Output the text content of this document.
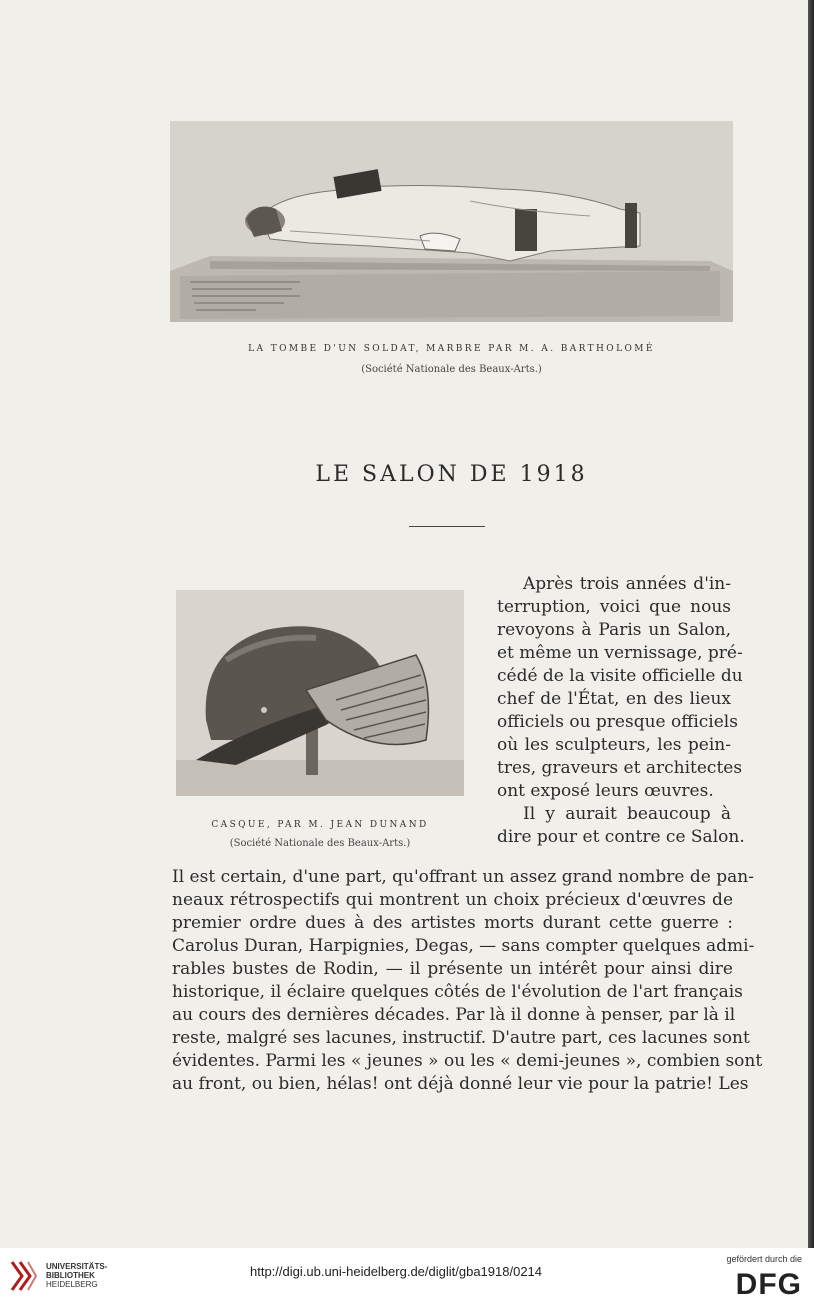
LA TOMBE D'UN SOLDAT, MARBRE PAR M. A. BARTHOLOMÉ
(Société Nationale des Beaux-Arts.)
LE SALON DE 1918
CASQUE, PAR M. JEAN DUNAND
(Société Nationale des Beaux-Arts.)
Après trois années d'in-
terruption, voici que nous
revoyons à Paris un Salon,
et même un vernissage, pré-
cédé de la visite officielle du
chef de l'État, en des lieux
officiels ou presque officiels
où les sculpteurs, les pein-
tres, graveurs et architectes
ont exposé leurs œuvres.
Il y aurait beaucoup à
dire pour et contre ce Salon.
Il est certain, d'une part, qu'offrant un assez grand nombre de pan-
neaux rétrospectifs qui montrent un choix précieux d'œuvres de
premier ordre dues à des artistes morts durant cette guerre :
Carolus Duran, Harpignies, Degas, — sans compter quelques admi-
rables bustes de Rodin, — il présente un intérêt pour ainsi dire
historique, il éclaire quelques côtés de l'évolution de l'art français
au cours des dernières décades. Par là il donne à penser, par là il
reste, malgré ses lacunes, instructif. D'autre part, ces lacunes sont
évidentes. Parmi les « jeunes » ou les « demi-jeunes », combien sont
au front, ou bien, hélas! ont déjà donné leur vie pour la patrie! Les
UNIVERSITÄTS-
BIBLIOTHEK
HEIDELBERG
http://digi.ub.uni-heidelberg.de/diglit/gba1918/0214
gefördert durch die
DFG
